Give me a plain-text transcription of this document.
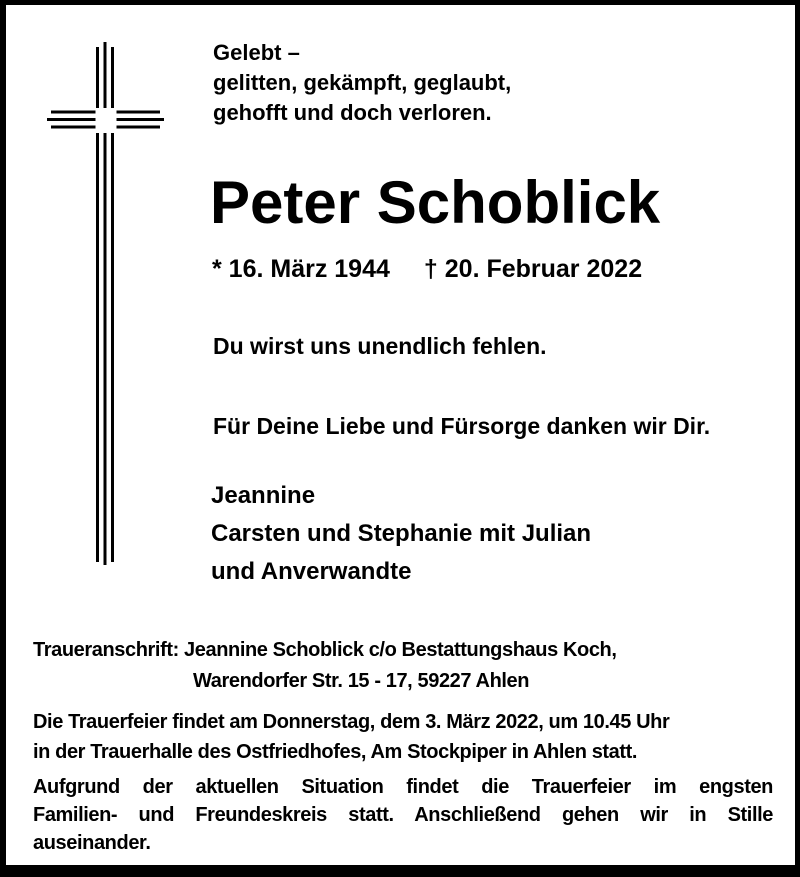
Gelebt –
gelitten, gekämpft, geglaubt,
gehofft und doch verloren.
Peter Schoblick
* 16. März 1944 † 20. Februar 2022
Du wirst uns unendlich fehlen.
Für Deine Liebe und Fürsorge danken wir Dir.
Jeannine
Carsten und Stephanie mit Julian
und Anverwandte
Traueranschrift: Jeannine Schoblick c/o Bestattungshaus Koch,
Warendorfer Str. 15 - 17, 59227 Ahlen
Die Trauerfeier findet am Donnerstag, dem 3. März 2022, um 10.45 Uhr
in der Trauerhalle des Ostfriedhofes, Am Stockpiper in Ahlen statt.
Aufgrund der aktuellen Situation findet die Trauerfeier im engsten
Familien- und Freundeskreis statt. Anschließend gehen wir in Stille
auseinander.
